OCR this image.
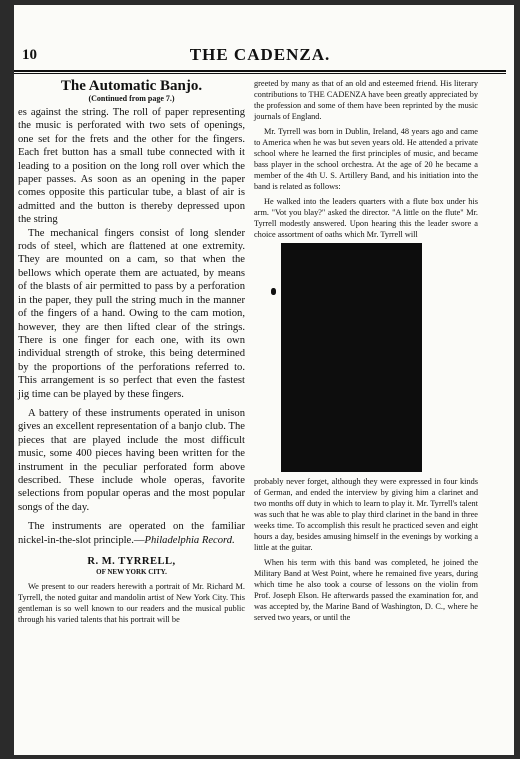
10	THE CADENZA.
The Automatic Banjo.
(Continued from page 7.)

es against the string. The roll of paper representing the music is perforated with two sets of openings, one set for the frets and the other for the fingers. Each fret button has a small tube connected with it leading to a position on the long roll over which the paper passes. As soon as an opening in the paper comes opposite this particular tube, a blast of air is admitted and the button is thereby depressed upon the string

The mechanical fingers consist of long slender rods of steel, which are flattened at one extremity. They are mounted on a cam, so that when the bellows which operate them are actuated, by means of the blasts of air permitted to pass by a perforation in the paper, they pull the string much in the manner of the fingers of a hand. Owing to the cam motion, however, they are then lifted clear of the strings. There is one finger for each one, with its own individual strength of stroke, this being determined by the proportions of the perforations referred to. This arrangement is so perfect that even the fastest jig time can be played by these fingers.

A battery of these instruments operated in unison gives an excellent representation of a banjo club. The pieces that are played include the most difficult music, some 400 pieces having been written for the instrument in the peculiar perforated form above described. These include whole operas, favorite selections from popular operas and the most popular songs of the day.

The instruments are operated on the familiar nickel-in-the-slot principle.—Philadelphia Record.

R. M. TYRRELL,
OF NEW YORK CITY.

We present to our readers herewith a portrait of Mr. Richard M. Tyrrell, the noted guitar and mandolin artist of New York City. This gentleman is so well known to our readers and the musical public through his varied talents that his portrait will be

greeted by many as that of an old and esteemed friend. His literary contributions to THE CADENZA have been greatly appreciated by the profession and some of them have been reprinted by the music journals of England.

Mr. Tyrrell was born in Dublin, Ireland, 48 years ago and came to America when he was but seven years old. He attended a private school where he learned the first principles of music, and became bass player in the school orchestra. At the age of 20 he became a member of the 4th U. S. Artillery Band, and his initiation into the band is related as follows:

He walked into the leaders quarters with a flute box under his arm. "Vot you blay?" asked the director. "A little on the flute" Mr. Tyrrell modestly answered. Upon hearing this the leader swore a choice assortment of oaths which Mr. Tyrrell will

probably never forget, although they were expressed in four kinds of German, and ended the interview by giving him a clarinet and two months off duty in which to learn to play it. Mr. Tyrrell's talent was such that he was able to play third clarinet in the band in three weeks time. To accomplish this result he practiced seven and eight hours a day, besides amusing himself in the evenings by working a little at the guitar.

When his term with this band was completed, he joined the Military Band at West Point, where he remained five years, during which time he also took a course of lessons on the violin from Prof. Joseph Elson. He afterwards passed the examination for, and was accepted by, the Marine Band of Washington, D. C., where he served two years, or until the
